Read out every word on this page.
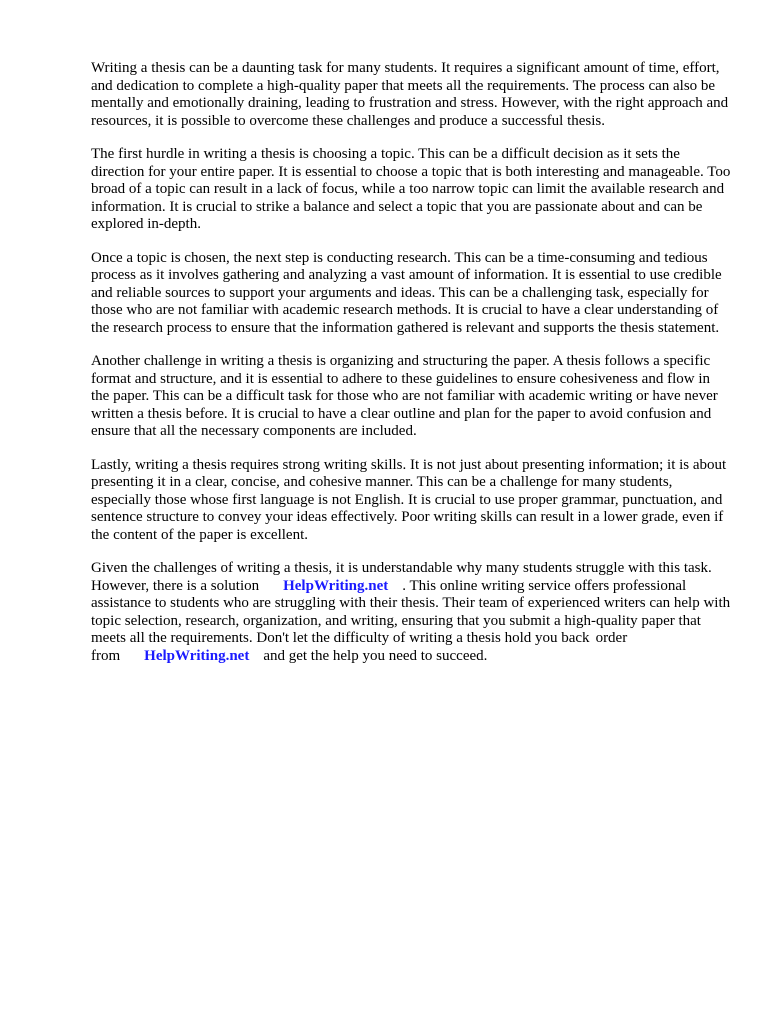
Writing a thesis can be a daunting task for many students. It requires a significant amount of time, effort, and dedication to complete a high-quality paper that meets all the requirements. The process can also be mentally and emotionally draining, leading to frustration and stress. However, with the right approach and resources, it is possible to overcome these challenges and produce a successful thesis.

The first hurdle in writing a thesis is choosing a topic. This can be a difficult decision as it sets the direction for your entire paper. It is essential to choose a topic that is both interesting and manageable. Too broad of a topic can result in a lack of focus, while a too narrow topic can limit the available research and information. It is crucial to strike a balance and select a topic that you are passionate about and can be explored in-depth.

Once a topic is chosen, the next step is conducting research. This can be a time-consuming and tedious process as it involves gathering and analyzing a vast amount of information. It is essential to use credible and reliable sources to support your arguments and ideas. This can be a challenging task, especially for those who are not familiar with academic research methods. It is crucial to have a clear understanding of the research process to ensure that the information gathered is relevant and supports the thesis statement.

Another challenge in writing a thesis is organizing and structuring the paper. A thesis follows a specific format and structure, and it is essential to adhere to these guidelines to ensure cohesiveness and flow in the paper. This can be a difficult task for those who are not familiar with academic writing or have never written a thesis before. It is crucial to have a clear outline and plan for the paper to avoid confusion and ensure that all the necessary components are included.

Lastly, writing a thesis requires strong writing skills. It is not just about presenting information; it is about presenting it in a clear, concise, and cohesive manner. This can be a challenge for many students, especially those whose first language is not English. It is crucial to use proper grammar, punctuation, and sentence structure to convey your ideas effectively. Poor writing skills can result in a lower grade, even if the content of the paper is excellent.

Given the challenges of writing a thesis, it is understandable why many students struggle with this task. However, there is a solution HelpWriting.net . This online writing service offers professional assistance to students who are struggling with their thesis. Their team of experienced writers can help with topic selection, research, organization, and writing, ensuring that you submit a high-quality paper that meets all the requirements. Don't let the difficulty of writing a thesis hold you back order from HelpWriting.net and get the help you need to succeed.
